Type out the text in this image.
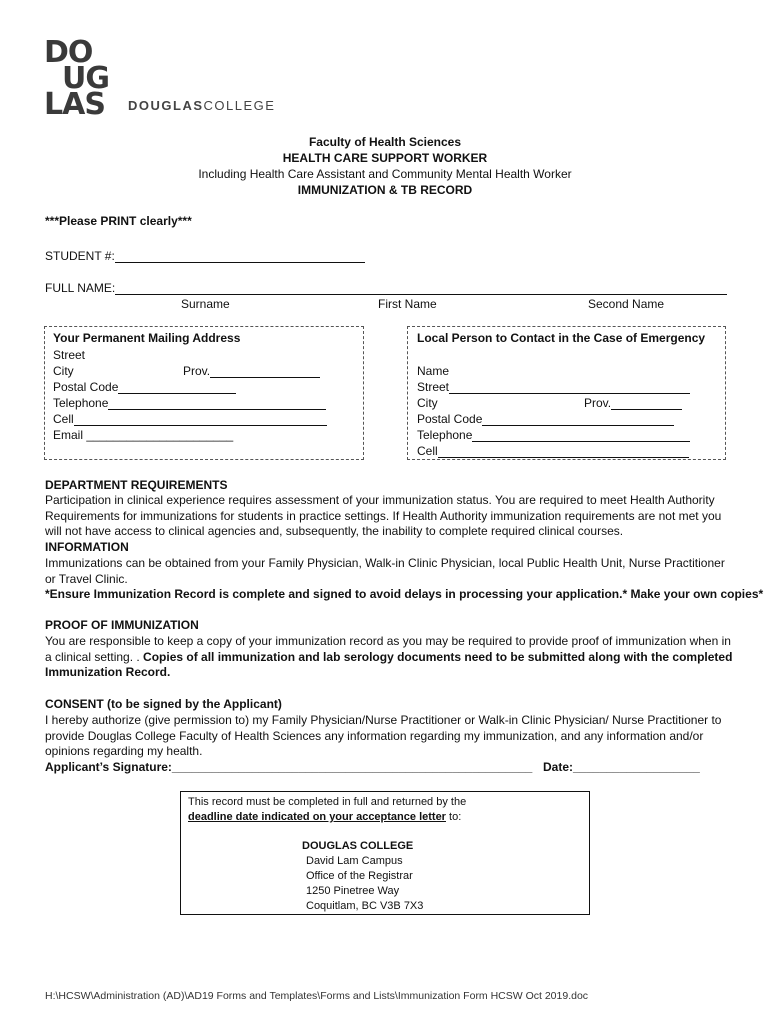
DO
UG
LAS	DOUGLASCOLLEGE
Faculty of Health Sciences
HEALTH CARE SUPPORT WORKER
Including Health Care Assistant and Community Mental Health Worker
IMMUNIZATION & TB RECORD
***Please PRINT clearly***
STUDENT #:
FULL NAME:
Surname	First Name	Second Name
Your Permanent Mailing Address
Street
City	Prov.
Postal Code
Telephone
Cell
Email ______________________
Local Person to Contact in the Case of Emergency
Name
Street
City	Prov.
Postal Code
Telephone
Cell
DEPARTMENT REQUIREMENTS
Participation in clinical experience requires assessment of your immunization status. You are required to meet Health Authority Requirements for immunizations for students in practice settings. If Health Authority immunization requirements are not met you will not have access to clinical agencies and, subsequently, the inability to complete required clinical courses.
INFORMATION
Immunizations can be obtained from your Family Physician, Walk-in Clinic Physician, local Public Health Unit, Nurse Practitioner or Travel Clinic.
*Ensure Immunization Record is complete and signed to avoid delays in processing your application.* Make your own copies*
PROOF OF IMMUNIZATION
You are responsible to keep a copy of your immunization record as you may be required to provide proof of immunization when in a clinical setting. . Copies of all immunization and lab serology documents need to be submitted along with the completed Immunization Record.
CONSENT (to be signed by the Applicant)
I hereby authorize (give permission to) my Family Physician/Nurse Practitioner or Walk-in Clinic Physician/ Nurse Practitioner to provide Douglas College Faculty of Health Sciences any information regarding my immunization, and any information and/or opinions regarding my health.
Applicant’s Signature:______________________________________________________ Date:___________________
This record must be completed in full and returned by the
deadline date indicated on your acceptance letter to:
DOUGLAS COLLEGE
David Lam Campus
Office of the Registrar
1250 Pinetree Way
Coquitlam, BC V3B 7X3
H:\HCSW\Administration (AD)\AD19 Forms and Templates\Forms and Lists\Immunization Form HCSW Oct 2019.doc
